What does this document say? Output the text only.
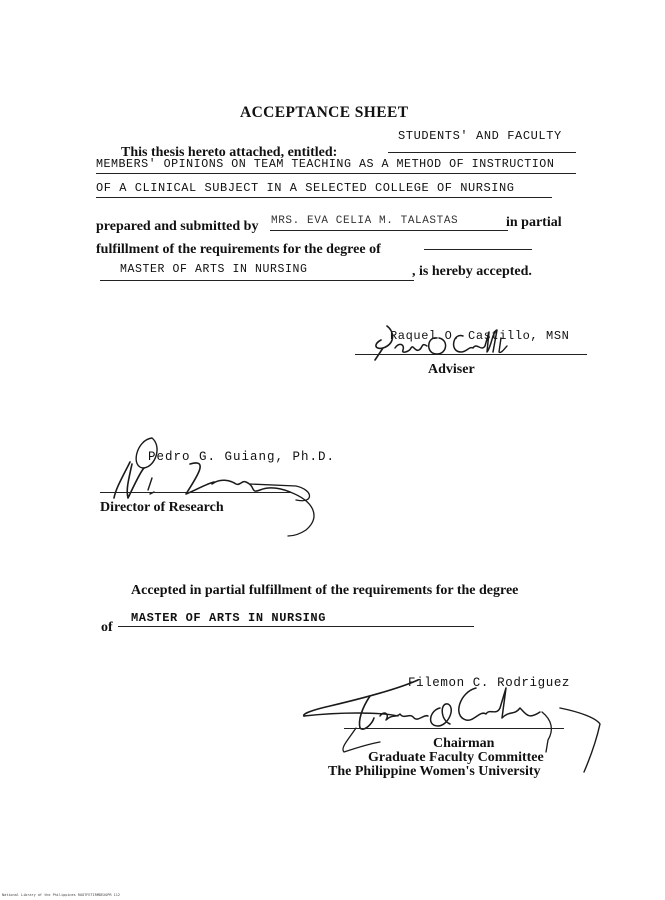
ACCEPTANCE SHEET
This thesis hereto attached, entitled:
STUDENTS' AND FACULTY
MEMBERS' OPINIONS ON TEAM TEACHING AS A METHOD OF INSTRUCTION
OF A CLINICAL SUBJECT IN A SELECTED COLLEGE OF NURSING
prepared and submitted by MRS. EVA CELIA M. TALASTAS	in partial
fulfillment of the requirements for the degree of
MASTER OF ARTS IN NURSING	, is hereby accepted.
Raquel O. Castillo, MSN
Adviser
Pedro G. Guiang, Ph.D.
Director of Research
Accepted in partial fulfillment of the requirements for the degree
of
MASTER OF ARTS IN NURSING
Filemon C. Rodriguez
Chairman
Graduate Faculty Committee
The Philippine Women's University
National Library of the Philippines ROOTFETIRMDEXOPR 112
